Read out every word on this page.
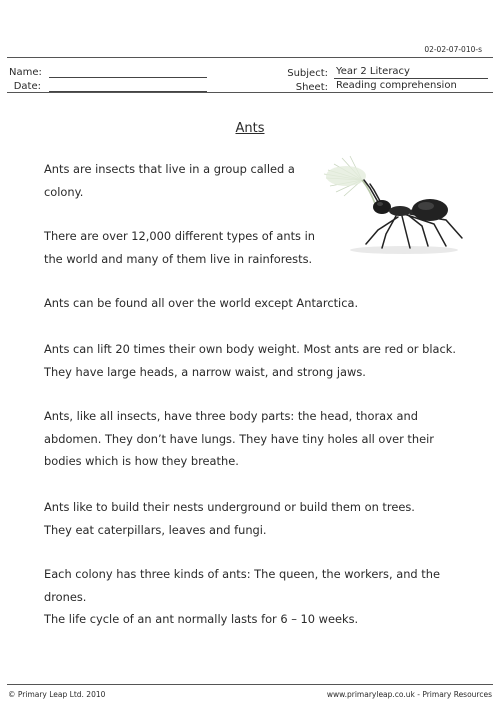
02-02-07-010-s
Name:
Date:
Subject: Year 2 Literacy
Sheet: Reading comprehension
Ants

Ants are insects that live in a group called a colony.

There are over 12,000 different types of ants in the world and many of them live in rainforests.

Ants can be found all over the world except Antarctica.

Ants can lift 20 times their own body weight. Most ants are red or black. They have large heads, a narrow waist, and strong jaws.

Ants, like all insects, have three body parts: the head, thorax and abdomen. They don’t have lungs. They have tiny holes all over their bodies which is how they breathe.

Ants like to build their nests underground or build them on trees. They eat caterpillars, leaves and fungi.

Each colony has three kinds of ants: The queen, the workers, and the drones.

The life cycle of an ant normally lasts for 6 – 10 weeks.

© Primary Leap Ltd. 2010	www.primaryleap.co.uk - Primary Resources
